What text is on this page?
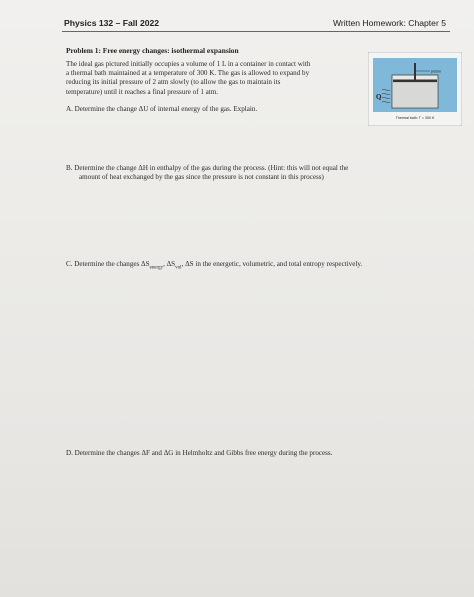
Physics 132 – Fall 2022	Written Homework: Chapter 5
Problem 1: Free energy changes: isothermal expansion
The ideal gas pictured initially occupies a volume of 1 L in a container in contact with
a thermal bath maintained at a temperature of 300 K. The gas is allowed to expand by
reducing its initial pressure of 2 atm slowly (to allow the gas to maintain its
temperature) until it reaches a final pressure of 1 atm.
A. Determine the change ΔU of internal energy of the gas. Explain.
B. Determine the change ΔH in enthalpy of the gas during the process. (Hint: this will not equal the
amount of heat exchanged by the gas since the pressure is not constant in this process)
C. Determine the changes $\Delta S_{energy}$, $\Delta S_{vol}$, ΔS in the energetic, volumetric, and total entropy respectively.
D. Determine the changes ΔF and ΔG in Helmholtz and Gibbs free energy during the process.
piston
Q
Thermal bath: T = 300 K
